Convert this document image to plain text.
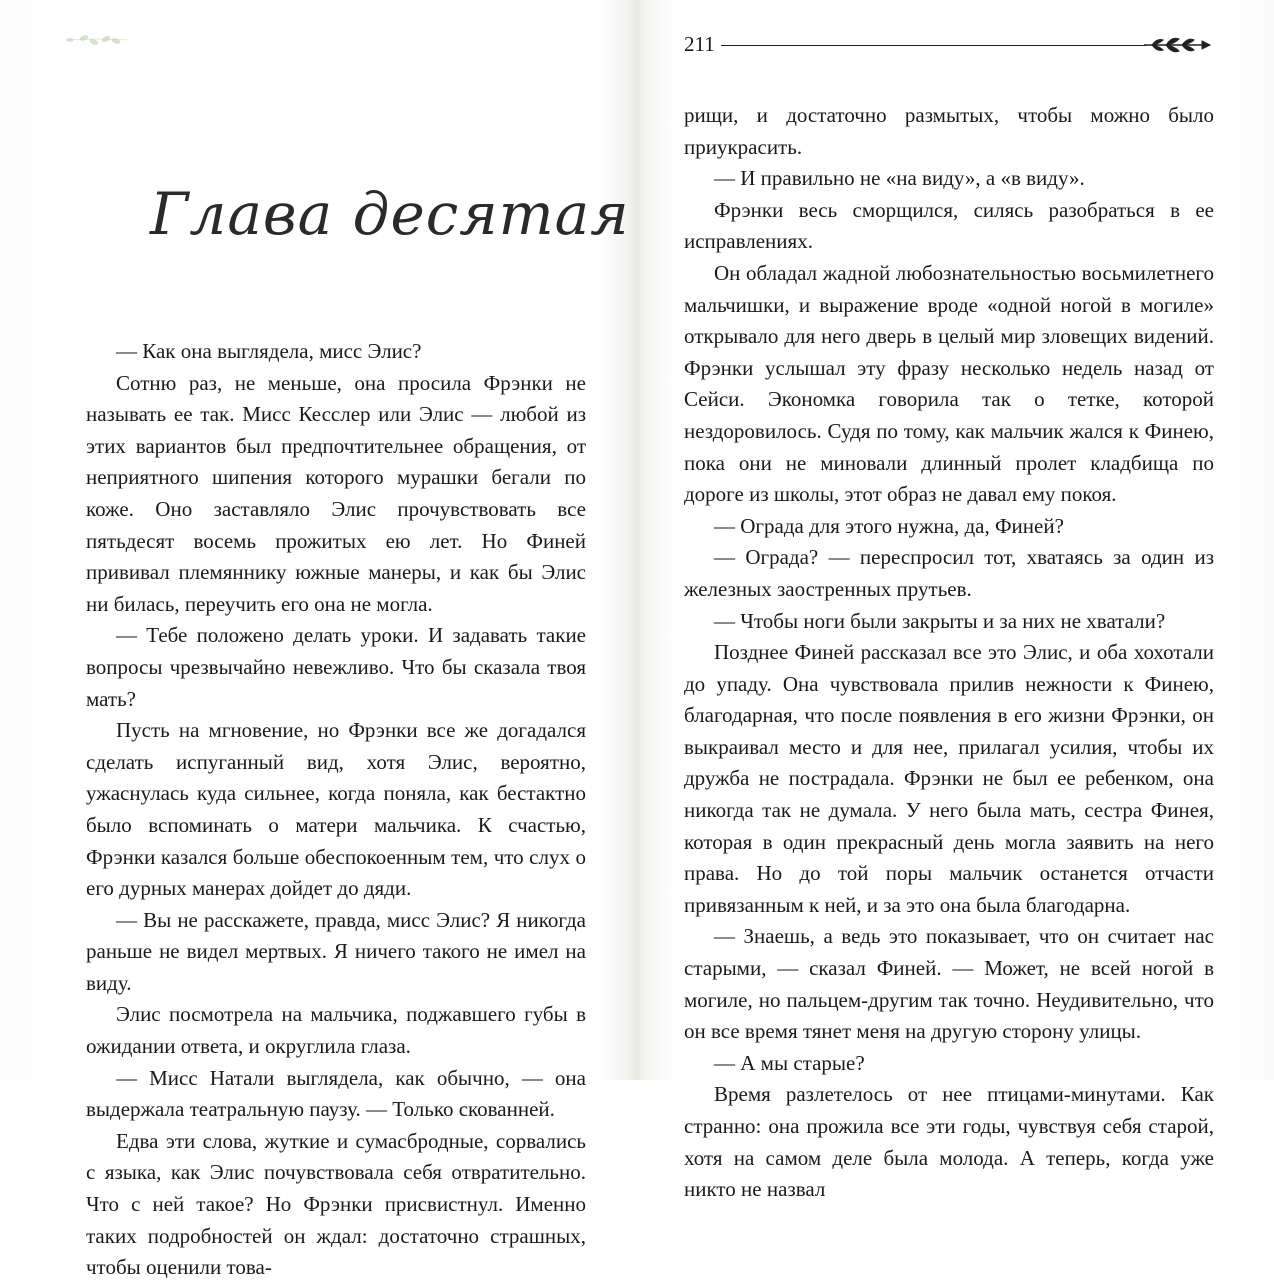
Глава десятая

— Как она выглядела, мисс Элис?

Сотню раз, не меньше, она просила Фрэнки не называть ее так. Мисс Кесслер или Элис — любой из этих вариантов был предпочтительнее обращения, от неприятного шипения которого мурашки бегали по коже. Оно заставляло Элис прочувствовать все пятьдесят восемь прожитых ею лет. Но Финей прививал племяннику южные манеры, и как бы Элис ни билась, переучить его она не могла.

— Тебе положено делать уроки. И задавать такие вопросы чрезвычайно невежливо. Что бы сказала твоя мать?

Пусть на мгновение, но Фрэнки все же догадался сделать испуганный вид, хотя Элис, вероятно, ужаснулась куда сильнее, когда поняла, как бестактно было вспоминать о матери мальчика. К счастью, Фрэнки казался больше обеспокоенным тем, что слух о его дурных манерах дойдет до дяди.

— Вы не расскажете, правда, мисс Элис? Я никогда раньше не видел мертвых. Я ничего такого не имел на виду.

Элис посмотрела на мальчика, поджавшего губы в ожидании ответа, и округлила глаза.

— Мисс Натали выглядела, как обычно, — она выдержала театральную паузу. — Только скованней.

Едва эти слова, жуткие и сумасбродные, сорвались с языка, как Элис почувствовала себя отвратительно. Что с ней такое? Но Фрэнки присвистнул. Именно таких подробностей он ждал: достаточно страшных, чтобы оценили това-

211

рищи, и достаточно размытых, чтобы можно было приукрасить.

— И правильно не «на виду», а «в виду».

Фрэнки весь сморщился, силясь разобраться в ее исправлениях.

Он обладал жадной любознательностью восьмилетнего мальчишки, и выражение вроде «одной ногой в могиле» открывало для него дверь в целый мир зловещих видений. Фрэнки услышал эту фразу несколько недель назад от Сейси. Экономка говорила так о тетке, которой нездоровилось. Судя по тому, как мальчик жался к Финею, пока они не миновали длинный пролет кладбища по дороге из школы, этот образ не давал ему покоя.

— Ограда для этого нужна, да, Финей?

— Ограда? — переспросил тот, хватаясь за один из железных заостренных прутьев.

— Чтобы ноги были закрыты и за них не хватали?

Позднее Финей рассказал все это Элис, и оба хохотали до упаду. Она чувствовала прилив нежности к Финею, благодарная, что после появления в его жизни Фрэнки, он выкраивал место и для нее, прилагал усилия, чтобы их дружба не пострадала. Фрэнки не был ее ребенком, она никогда так не думала. У него была мать, сестра Финея, которая в один прекрасный день могла заявить на него права. Но до той поры мальчик останется отчасти привязанным к ней, и за это она была благодарна.

— Знаешь, а ведь это показывает, что он считает нас старыми, — сказал Финей. — Может, не всей ногой в могиле, но пальцем-другим так точно. Неудивительно, что он все время тянет меня на другую сторону улицы.

— А мы старые?

Время разлетелось от нее птицами-минутами. Как странно: она прожила все эти годы, чувствуя себя старой, хотя на самом деле была молода. А теперь, когда уже никто не назвал
